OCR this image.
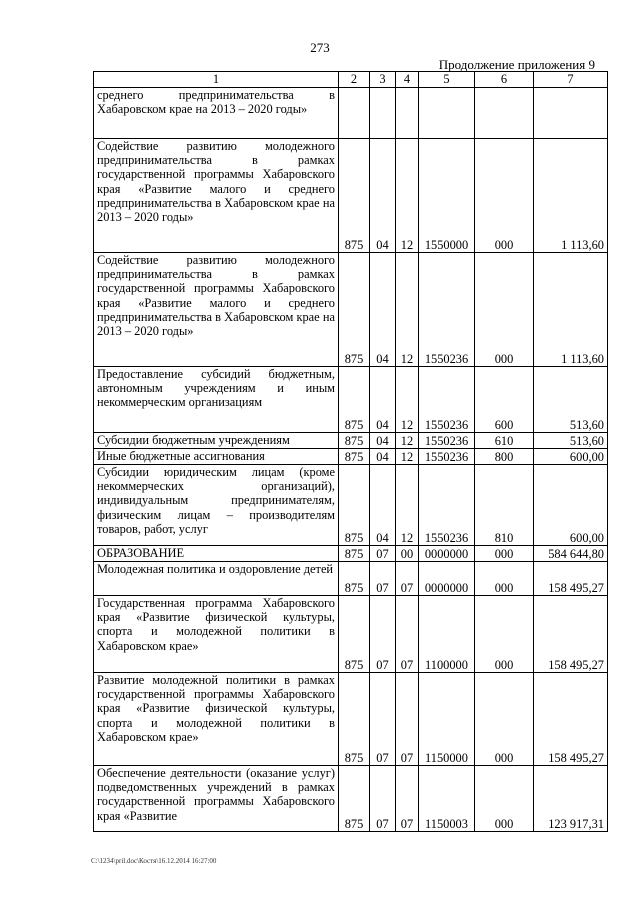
273
Продолжение приложения 9
1	2	3	4	5	6	7
среднего предпринимательства в Хабаровском крае на 2013 – 2020 годы»						
Содействие развитию молодежного предпринимательства в рамках государственной программы Хабаровского края «Развитие малого и среднего предпринимательства в Хабаровском крае на 2013 – 2020 годы»	875	04	12	1550000	000	1 113,60
Содействие развитию молодежного предпринимательства в рамках государственной программы Хабаровского края «Развитие малого и среднего предпринимательства в Хабаровском крае на 2013 – 2020 годы»	875	04	12	1550236	000	1 113,60
Предоставление субсидий бюджетным, автономным учреждениям и иным некоммерческим организациям	875	04	12	1550236	600	513,60
Субсидии бюджетным учреждениям	875	04	12	1550236	610	513,60
Иные бюджетные ассигнования	875	04	12	1550236	800	600,00
Субсидии юридическим лицам (кроме некоммерческих организаций), индивидуальным предпринимателям, физическим лицам – производителям товаров, работ, услуг	875	04	12	1550236	810	600,00
ОБРАЗОВАНИЕ	875	07	00	0000000	000	584 644,80
Молодежная политика и оздоровление детей	875	07	07	0000000	000	158 495,27
Государственная программа Хабаровского края «Развитие физической культуры, спорта и молодежной политики в Хабаровском крае»	875	07	07	1100000	000	158 495,27
Развитие молодежной политики в рамках государственной программы Хабаровского края «Развитие физической культуры, спорта и молодежной политики в Хабаровском крае»	875	07	07	1150000	000	158 495,27
Обеспечение деятельности (оказание услуг) подведомственных учреждений в рамках государственной программы Хабаровского края «Развитие	875	07	07	1150003	000	123 917,31
C:\1234\pril.doc\Костя\16.12.2014 16:27:00
